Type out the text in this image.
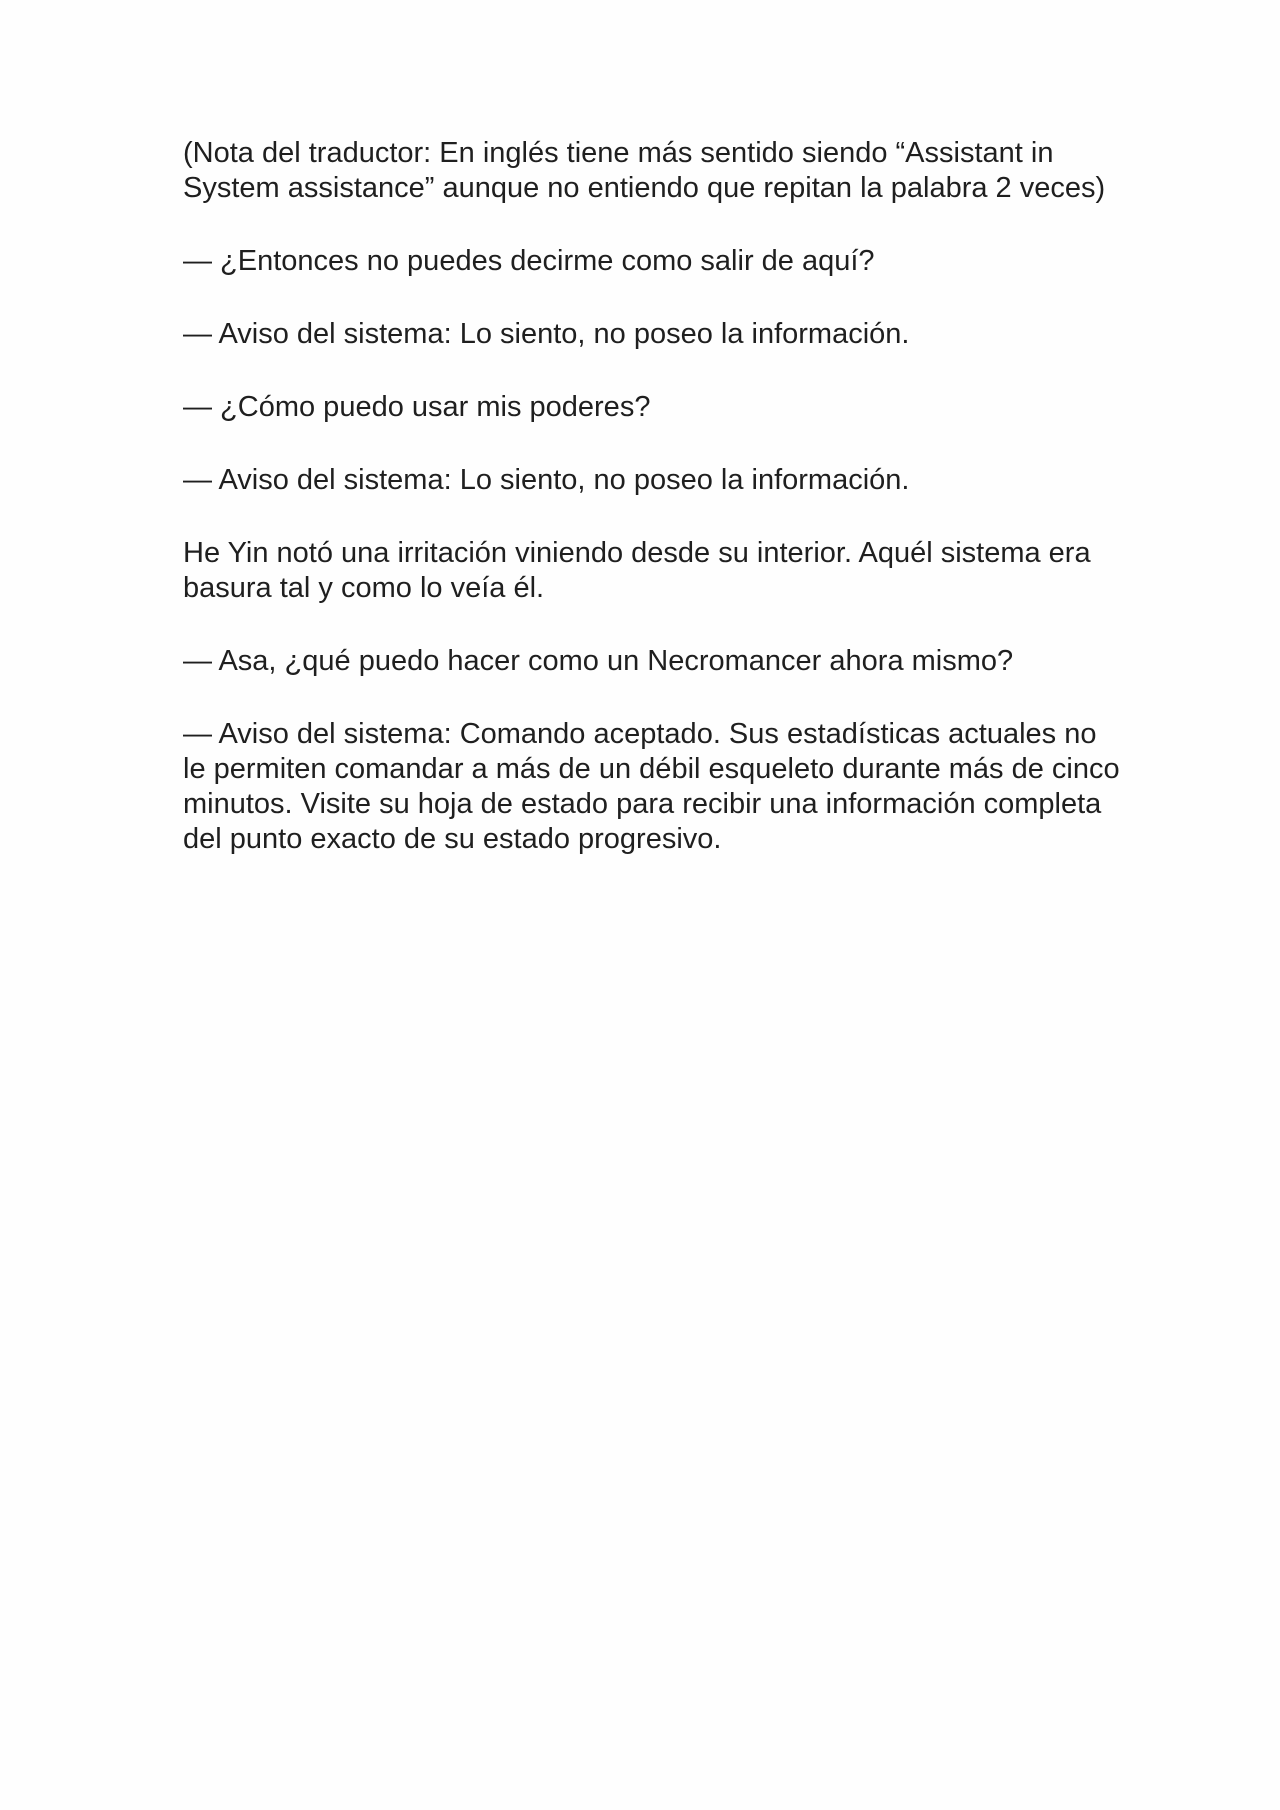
(Nota del traductor: En inglés tiene más sentido siendo “Assistant in System assistance” aunque no entiendo que repitan la palabra 2 veces)

— ¿Entonces no puedes decirme como salir de aquí?

— Aviso del sistema: Lo siento, no poseo la información.

— ¿Cómo puedo usar mis poderes?

— Aviso del sistema: Lo siento, no poseo la información.

He Yin notó una irritación viniendo desde su interior. Aquél sistema era basura tal y como lo veía él.

— Asa, ¿qué puedo hacer como un Necromancer ahora mismo?

— Aviso del sistema: Comando aceptado. Sus estadísticas actuales no le permiten comandar a más de un débil esqueleto durante más de cinco minutos. Visite su hoja de estado para recibir una información completa del punto exacto de su estado progresivo.
